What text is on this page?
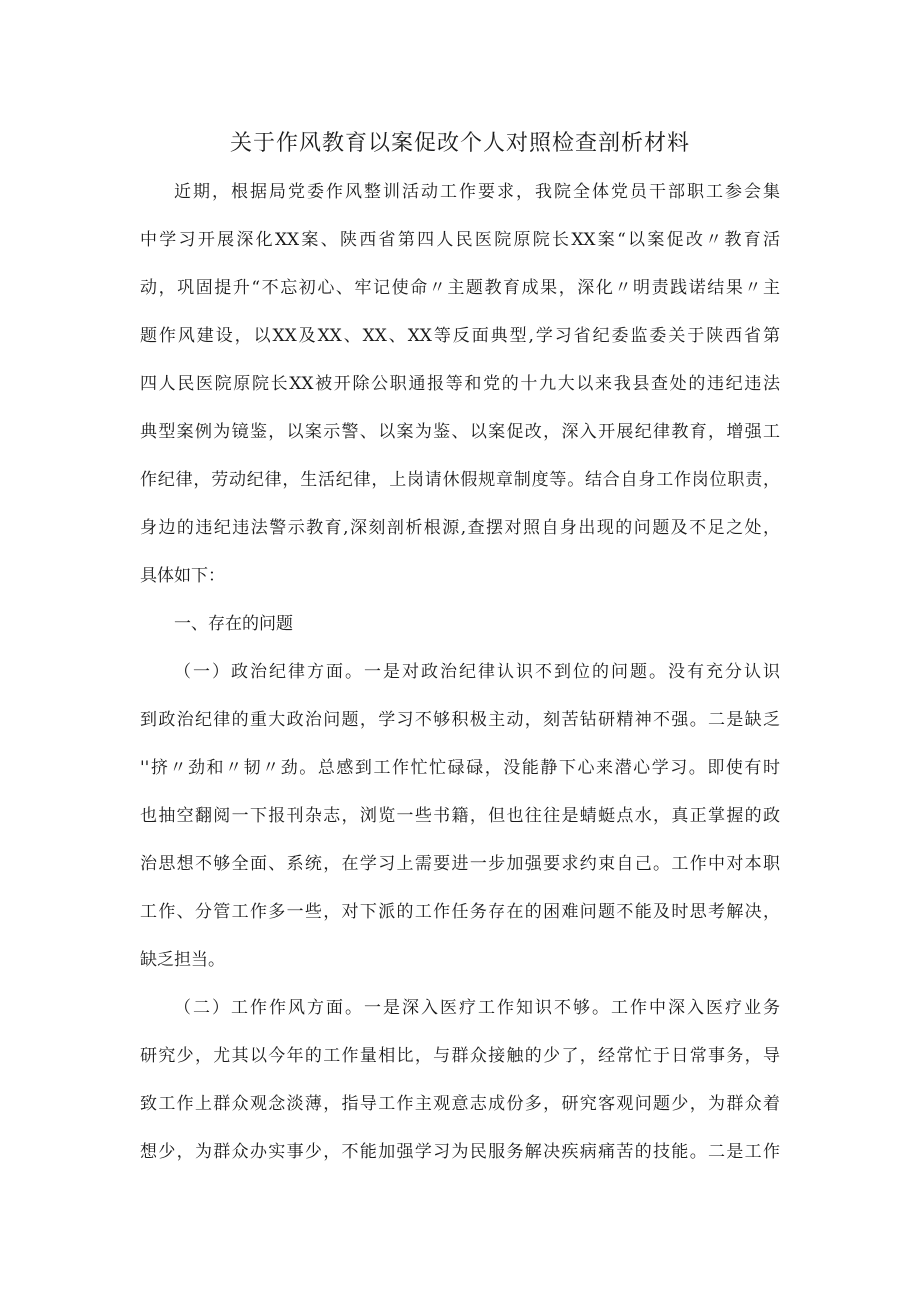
关于作风教育以案促改个人对照检查剖析材料
近期，根据局党委作风整训活动工作要求，我院全体党员干部职工参会集
中学习开展深化XX案、陕西省第四人民医院原院长XX案“以案促改〃教育活
动，巩固提升“不忘初心、牢记使命〃主题教育成果，深化〃明责践诺结果〃主
题作风建设，以XX及XX、XX、XX等反面典型,学习省纪委监委关于陕西省第
四人民医院原院长XX被开除公职通报等和党的十九大以来我县查处的违纪违法
典型案例为镜鉴，以案示警、以案为鉴、以案促改，深入开展纪律教育，增强工
作纪律，劳动纪律，生活纪律，上岗请休假规章制度等。结合自身工作岗位职责，
身边的违纪违法警示教育,深刻剖析根源,查摆对照自身出现的问题及不足之处，
具体如下：
一、存在的问题
（一）政治纪律方面。一是对政治纪律认识不到位的问题。没有充分认识
到政治纪律的重大政治问题，学习不够积极主动，刻苦钻研精神不强。二是缺乏
''挤〃劲和〃韧〃劲。总感到工作忙忙碌碌，没能静下心来潜心学习。即使有时
也抽空翻阅一下报刊杂志，浏览一些书籍，但也往往是蜻蜓点水，真正掌握的政
治思想不够全面、系统，在学习上需要进一步加强要求约束自己。工作中对本职
工作、分管工作多一些，对下派的工作任务存在的困难问题不能及时思考解决，
缺乏担当。
（二）工作作风方面。一是深入医疗工作知识不够。工作中深入医疗业务
研究少，尤其以今年的工作量相比，与群众接触的少了，经常忙于日常事务，导
致工作上群众观念淡薄，指导工作主观意志成份多，研究客观问题少，为群众着
想少，为群众办实事少，不能加强学习为民服务解决疾病痛苦的技能。二是工作
